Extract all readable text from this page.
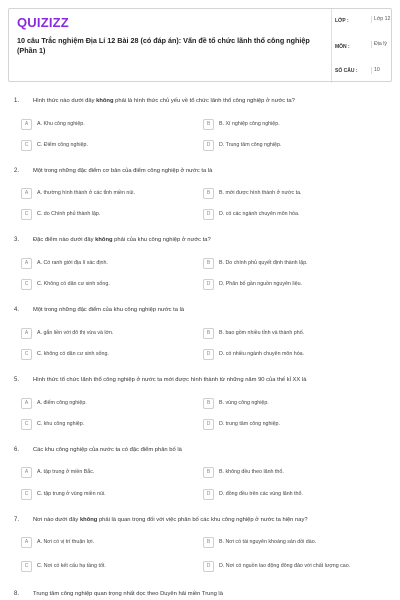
QUIZIZZ
10 câu Trắc nghiệm Địa Lí 12 Bài 28 (có đáp án): Vấn đề tổ chức lãnh thổ công nghiệp (Phần 1)
LỚP :	Lớp 12
MÔN :	Địa lý
SỐ CÂU :	10
1. Hình thức nào dưới đây không phải là hình thức chủ yếu về tổ chức lãnh thổ công nghiệp ở nước ta?
A	A. Khu công nghiệp.	B	B. Xí nghiệp công nghiệp.
C	C. Điểm công nghiệp.	D	D. Trung tâm công nghiệp.
2. Một trong những đặc điểm cơ bản của điểm công nghiệp ở nước ta là
A	A. thường hình thành ở các tỉnh miền núi.	B	B. mới được hình thành ở nước ta.
C	C. do Chính phủ thành lập.	D	D. có các ngành chuyên môn hóa.
3. Đặc điểm nào dưới đây không phải của khu công nghiệp ở nước ta?
A	A. Có ranh giới địa lí xác định.	B	B. Do chính phủ quyết định thành lập.
C	C. Không có dân cư sinh sống.	D	D. Phân bố gần nguồn nguyên liệu.
4. Một trong những đặc điểm của khu công nghiệp nước ta là
A	A. gắn liền với đô thị vừa và lớn.	B	B. bao gồm nhiều tỉnh và thành phố.
C	C. không có dân cư sinh sống.	D	D. có nhiều ngành chuyên môn hóa.
5. Hình thức tổ chức lãnh thổ công nghiệp ở nước ta mới được hình thành từ những năm 90 của thế kỉ XX là
A	A. điểm công nghiệp.	B	B. vùng công nghiệp.
C	C. khu công nghiệp.	D	D. trung tâm công nghiệp.
6. Các khu công nghiệp của nước ta có đặc điểm phân bố là
A	A. tập trung ở miền Bắc.	B	B. không đều theo lãnh thổ.
C	C. tập trung ở vùng miền núi.	D	D. đồng đều trên các vùng lãnh thổ.
7. Nơi nào dưới đây không phải là quan trọng đối với việc phân bố các khu công nghiệp ở nước ta hiện nay?
A	A. Nơi có vị trí thuận lợi.	B	B. Nơi có tài nguyên khoáng sản dồi dào.
C	C. Nơi có kết cấu hạ tầng tốt.	D	D. Nơi có nguồn lao động đông đảo với chất lượng cao.
8. Trung tâm công nghiệp quan trọng nhất dọc theo Duyên hải miền Trung là
